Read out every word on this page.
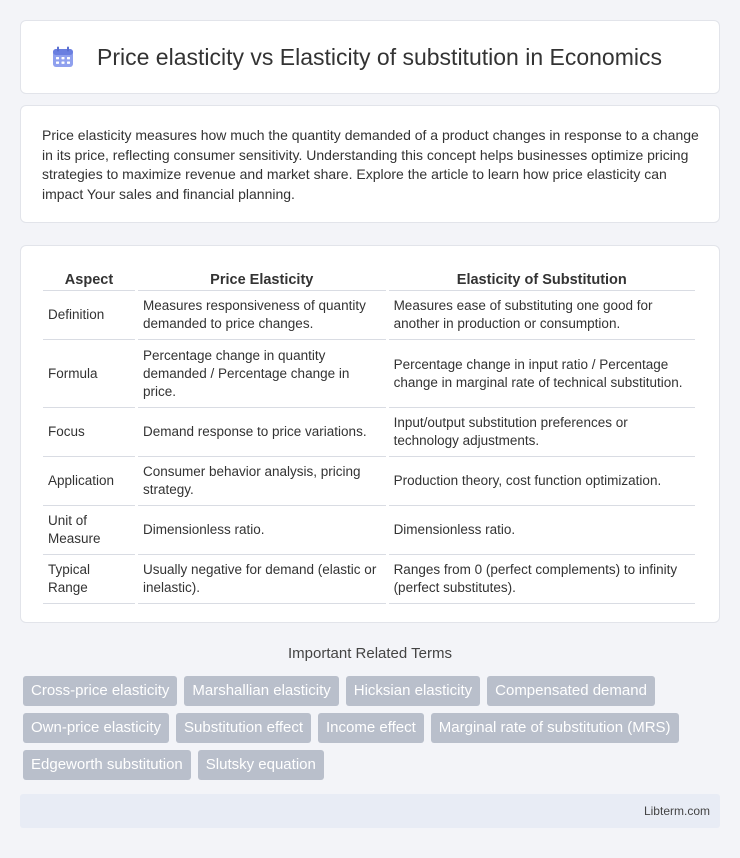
Price elasticity vs Elasticity of substitution in Economics

Price elasticity measures how much the quantity demanded of a product changes in response to a change in its price, reflecting consumer sensitivity. Understanding this concept helps businesses optimize pricing strategies to maximize revenue and market share. Explore the article to learn how price elasticity can impact Your sales and financial planning.

Aspect	Price Elasticity	Elasticity of Substitution
Definition	Measures responsiveness of quantity demanded to price changes.	Measures ease of substituting one good for another in production or consumption.
Formula	Percentage change in quantity demanded / Percentage change in price.	Percentage change in input ratio / Percentage change in marginal rate of technical substitution.
Focus	Demand response to price variations.	Input/output substitution preferences or technology adjustments.
Application	Consumer behavior analysis, pricing strategy.	Production theory, cost function optimization.
Unit of Measure	Dimensionless ratio.	Dimensionless ratio.
Typical Range	Usually negative for demand (elastic or inelastic).	Ranges from 0 (perfect complements) to infinity (perfect substitutes).
Important Related Terms
Cross-price elasticity	Marshallian elasticity	Hicksian elasticity	Compensated demand
Own-price elasticity	Substitution effect	Income effect	Marginal rate of substitution (MRS)
Edgeworth substitution	Slutsky equation
Libterm.com
